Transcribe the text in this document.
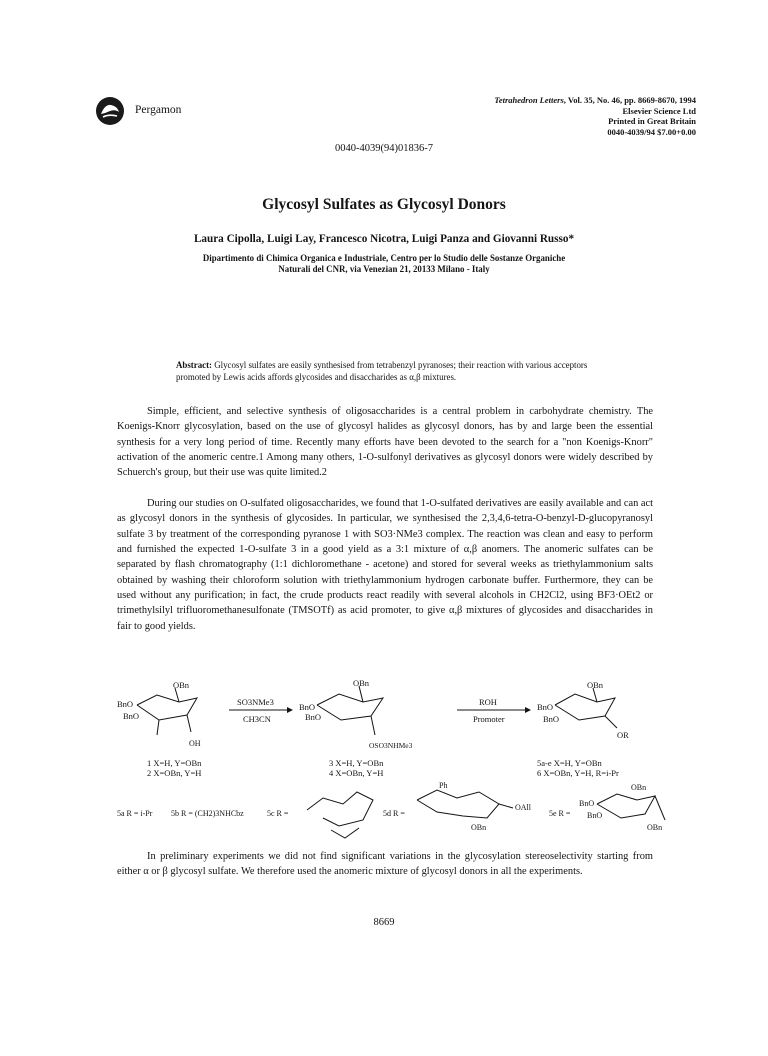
Pergamon
Tetrahedron Letters, Vol. 35, No. 46, pp. 8669-8670, 1994
Elsevier Science Ltd
Printed in Great Britain
0040-4039/94 $7.00+0.00
0040-4039(94)01836-7
Glycosyl Sulfates as Glycosyl Donors
Laura Cipolla, Luigi Lay, Francesco Nicotra, Luigi Panza and Giovanni Russo*
Dipartimento di Chimica Organica e Industriale, Centro per lo Studio delle Sostanze Organiche
Naturali del CNR, via Venezian 21, 20133 Milano - Italy
Abstract: Glycosyl sulfates are easily synthesised from tetrabenzyl pyranoses; their reaction with various acceptors promoted by Lewis acids affords glycosides and disaccharides as α,β mixtures.

Simple, efficient, and selective synthesis of oligosaccharides is a central problem in carbohydrate chemistry. The Koenigs-Knorr glycosylation, based on the use of glycosyl halides as glycosyl donors, has by and large been the essential synthesis for a very long period of time. Recently many efforts have been devoted to the search for a "non Koenigs-Knorr" activation of the anomeric centre.1 Among many others, 1-O-sulfonyl derivatives as glycosyl donors were widely described by Schuerch's group, but their use was quite limited.2

During our studies on O-sulfated oligosaccharides, we found that 1-O-sulfated derivatives are easily available and can act as glycosyl donors in the synthesis of glycosides. In particular, we synthesised the 2,3,4,6-tetra-O-benzyl-D-glucopyranosyl sulfate 3 by treatment of the corresponding pyranose 1 with SO3·NMe3 complex. The reaction was clean and easy to perform and furnished the expected 1-O-sulfate 3 in a good yield as a 3:1 mixture of α,β anomers. The anomeric sulfates can be separated by flash chromatography (1:1 dichloromethane - acetone) and stored for several weeks as triethylammonium salts obtained by washing their chloroform solution with triethylammonium hydrogen carbonate buffer. Furthermore, they can be used without any purification; in fact, the crude products react readily with several alcohols in CH2Cl2, using BF3·OEt2 or trimethylsilyl trifluoromethanesulfonate (TMSOTf) as acid promoter, to give α,β mixtures of glycosides and disaccharides in fair to good yields.

BnO
BnO
OBn
OH
SO3NMe3
CH3CN
BnO
BnO
OBn
OSO3NHMe3
ROH
Promoter
BnO
BnO
OBn
OR
1 X=H, Y=OBn
2 X=OBn, Y=H
3 X=H, Y=OBn
4 X=OBn, Y=H
5a-e X=H, Y=OBn
6 X=OBn, Y=H, R=i-Pr
5a R = i-Pr 5b R = (CH2)3NHCbz	5c R =	5d R =
Ph
OAll
OBn
5e R =
BnO
BnO
OBn
OBn

In preliminary experiments we did not find significant variations in the glycosylation stereoselectivity starting from either α or β glycosyl sulfate. We therefore used the anomeric mixture of glycosyl donors in all the experiments.

8669
